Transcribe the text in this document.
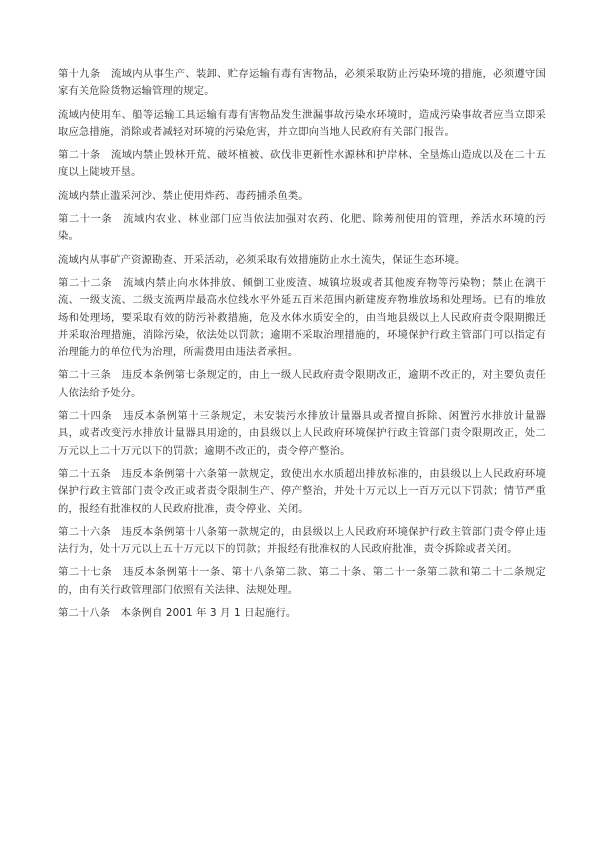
第十九条　流域内从事生产、装卸、贮存运输有毒有害物品，必须采取防止污染环境的措施，必须遵守国家有关危险货物运输管理的规定。

流域内使用车、船等运输工具运输有毒有害物品发生泄漏事故污染水环境时，造成污染事故者应当立即采取应急措施，消除或者减轻对环境的污染危害，并立即向当地人民政府有关部门报告。

第二十条　流域内禁止毁林开荒、破坏植被、砍伐非更新性水源林和护岸林、全垦炼山造成以及在二十五度以上陡坡开垦。

流域内禁止滥采河沙、禁止使用炸药、毒药捕杀鱼类。

第二十一条　流域内农业、林业部门应当依法加强对农药、化肥、除莠剂使用的管理，养活水环境的污染。

流域内从事矿产资源勘查、开采活动，必须采取有效措施防止水土流失，保证生态环境。

第二十二条　流域内禁止向水体排放、倾倒工业废渣、城镇垃圾或者其他废弃物等污染物；禁止在漓干流、一级支流、二级支流两岸最高水位线水平外延五百米范围内新建废弃物堆放场和处理场。已有的堆放场和处理场，要采取有效的防污补救措施，危及水体水质安全的，由当地县级以上人民政府责令限期搬迁并采取治理措施，消除污染，依法处以罚款；逾期不采取治理措施的，环境保护行政主管部门可以指定有治理能力的单位代为治理，所需费用由违法者承担。

第二十三条　违反本条例第七条规定的，由上一级人民政府责令限期改正，逾期不改正的，对主要负责任人依法给予处分。

第二十四条　违反本条例第十三条规定，未安装污水排放计量器具或者擅自拆除、闲置污水排放计量器具，或者改变污水排放计量器具用途的，由县级以上人民政府环境保护行政主管部门责令限期改正，处二万元以上二十万元以下的罚款；逾期不改正的，责令停产整治。

第二十五条　违反本条例第十六条第一款规定，致使出水水质超出排放标准的，由县级以上人民政府环境保护行政主管部门责令改正或者责令限制生产、停产整治，并处十万元以上一百万元以下罚款；情节严重的，报经有批准权的人民政府批准，责令停业、关闭。

第二十六条　违反本条例第十八条第一款规定的，由县级以上人民政府环境保护行政主管部门责令停止违法行为，处十万元以上五十万元以下的罚款；并报经有批准权的人民政府批准，责令拆除或者关闭。

第二十七条　违反本条例第十一条、第十八条第二款、第二十条、第二十一条第二款和第二十二条规定的，由有关行政管理部门依照有关法律、法规处理。

第二十八条　本条例自 2001 年 3 月 1 日起施行。
